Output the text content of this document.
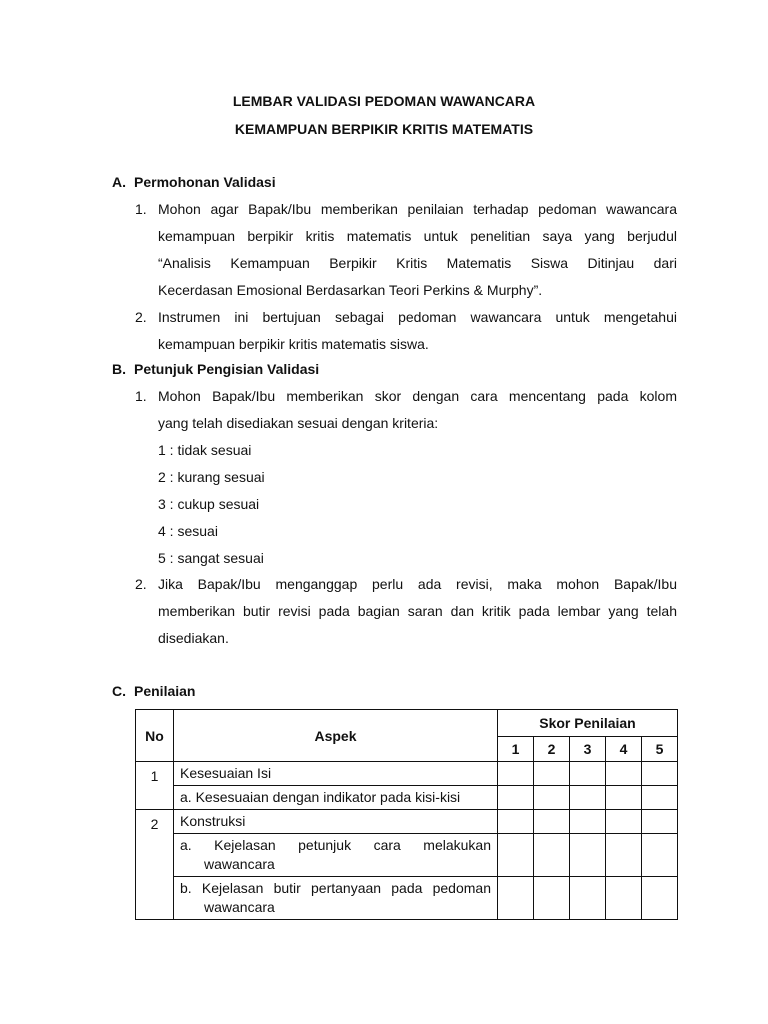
LEMBAR VALIDASI PEDOMAN WAWANCARA
KEMAMPUAN BERPIKIR KRITIS MATEMATIS
A. Permohonan Validasi
1. Mohon agar Bapak/Ibu memberikan penilaian terhadap pedoman wawancara
kemampuan berpikir kritis matematis untuk penelitian saya yang berjudul
“Analisis Kemampuan Berpikir Kritis Matematis Siswa Ditinjau dari
Kecerdasan Emosional Berdasarkan Teori Perkins & Murphy”.
2. Instrumen ini bertujuan sebagai pedoman wawancara untuk mengetahui
kemampuan berpikir kritis matematis siswa.
B. Petunjuk Pengisian Validasi
1. Mohon Bapak/Ibu memberikan skor dengan cara mencentang pada kolom
yang telah disediakan sesuai dengan kriteria:
1 : tidak sesuai
2 : kurang sesuai
3 : cukup sesuai
4 : sesuai
5 : sangat sesuai
2. Jika Bapak/Ibu menganggap perlu ada revisi, maka mohon Bapak/Ibu
memberikan butir revisi pada bagian saran dan kritik pada lembar yang telah
disediakan.
C. Penilaian
No	Aspek	Skor Penilaian				
		1	2	3	4	5
1	Kesesuaian Isi					
	a. Kesesuaian dengan indikator pada kisi-kisi					
2	Konstruksi					

	a. Kejelasan petunjuk cara melakukan
wawancara					

	b. Kejelasan butir pertanyaan pada pedoman
wawancara					
